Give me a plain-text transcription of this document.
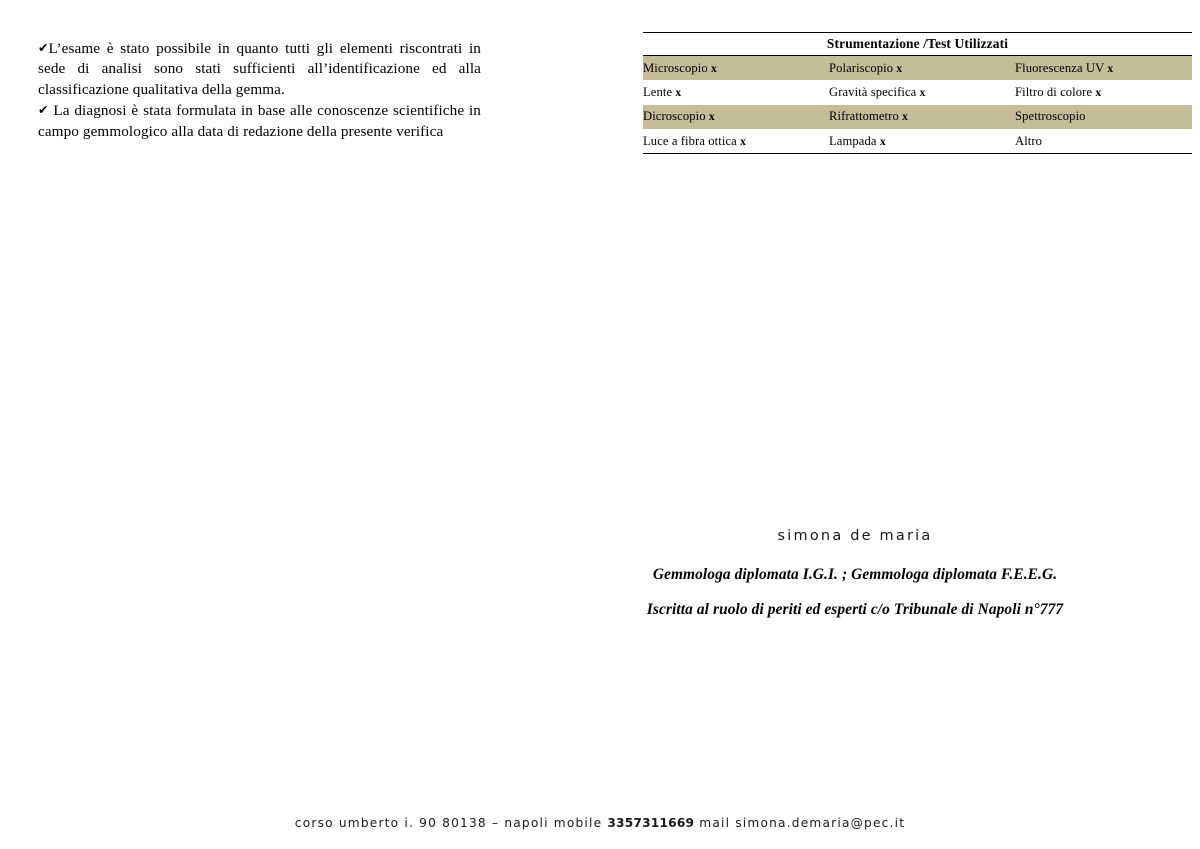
✔L’esame è stato possibile in quanto tutti gli elementi riscontrati in sede di analisi sono stati sufficienti all’identificazione ed alla classificazione qualitativa della gemma.

✔ La diagnosi è stata formulata in base alle conoscenze scientifiche in campo gemmologico alla data di redazione della presente verifica

Strumentazione /Test Utilizzati		
Microscopio x	Polariscopio x	Fluorescenza UV x
Lente x	Gravità specifica x	Filtro di colore x
Dicroscopio x	Rifrattometro x	Spettroscopio
Luce a fibra ottica x	Lampada x	Altro

simona de maria

Gemmologa diplomata I.G.I. ; Gemmologa diplomata F.E.E.G.

Iscritta al ruolo di periti ed esperti c/o Tribunale di Napoli n°777

corso umberto i. 90 80138 – napoli mobile 3357311669 mail simona.demaria@pec.it
